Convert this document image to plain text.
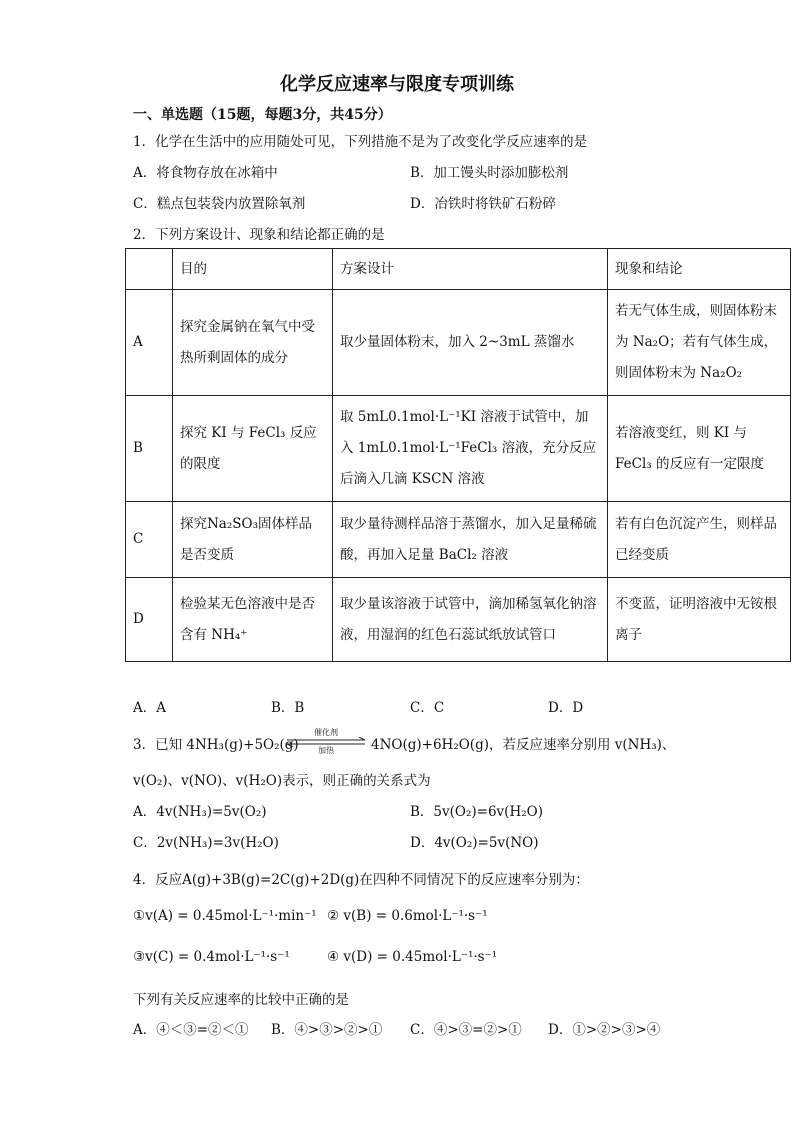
化学反应速率与限度专项训练
一、单选题（15题，每题3分，共45分）
1．化学在生活中的应用随处可见，下列措施不是为了改变化学反应速率的是
A．将食物存放在冰箱中	B．加工馒头时添加膨松剂
C．糕点包装袋内放置除氧剂	D．冶铁时将铁矿石粉碎
2．下列方案设计、现象和结论都正确的是
	目的	方案设计	现象和结论
A	探究金属钠在氧气中受热所剩固体的成分	取少量固体粉末，加入 2~3mL 蒸馏水	若无气体生成，则固体粉末为 Na₂O；若有气体生成，则固体粉末为 Na₂O₂
B	探究 KI 与 FeCl₃ 反应的限度	取 5mL0.1mol·L⁻¹KI 溶液于试管中，加入 1mL0.1mol·L⁻¹FeCl₃ 溶液，充分反应后滴入几滴 KSCN 溶液	若溶液变红，则 KI 与 FeCl₃ 的反应有一定限度
C	探究Na₂SO₃固体样品是否变质	取少量待测样品溶于蒸馏水，加入足量稀硫酸，再加入足量 BaCl₂ 溶液	若有白色沉淀产生，则样品已经变质
D	检验某无色溶液中是否含有 NH₄⁺	取少量该溶液于试管中，滴加稀氢氧化钠溶液，用湿润的红色石蕊试纸放试管口	不变蓝，证明溶液中无铵根离子
A．A	B．B	C．C	D．D
3．已知 4NH₃(g)+5O₂(g)
催化剂
加热	4NO(g)+6H₂O(g)，若反应速率分别用 v(NH₃)、
v(O₂)、v(NO)、v(H₂O)表示，则正确的关系式为
A．4v(NH₃)=5v(O₂)	B．5v(O₂)=6v(H₂O)
C．2v(NH₃)=3v(H₂O)	D．4v(O₂)=5v(NO)
4．反应A(g)+3B(g)=2C(g)+2D(g)在四种不同情况下的反应速率分别为：
①v(A) = 0.45mol·L⁻¹·min⁻¹ ② v(B) = 0.6mol·L⁻¹·s⁻¹
③v(C) = 0.4mol·L⁻¹·s⁻¹	④ v(D) = 0.45mol·L⁻¹·s⁻¹
下列有关反应速率的比较中正确的是
A．④＜③=②＜① B．④>③>②>① C．④>③=②>① D．①>②>③>④
